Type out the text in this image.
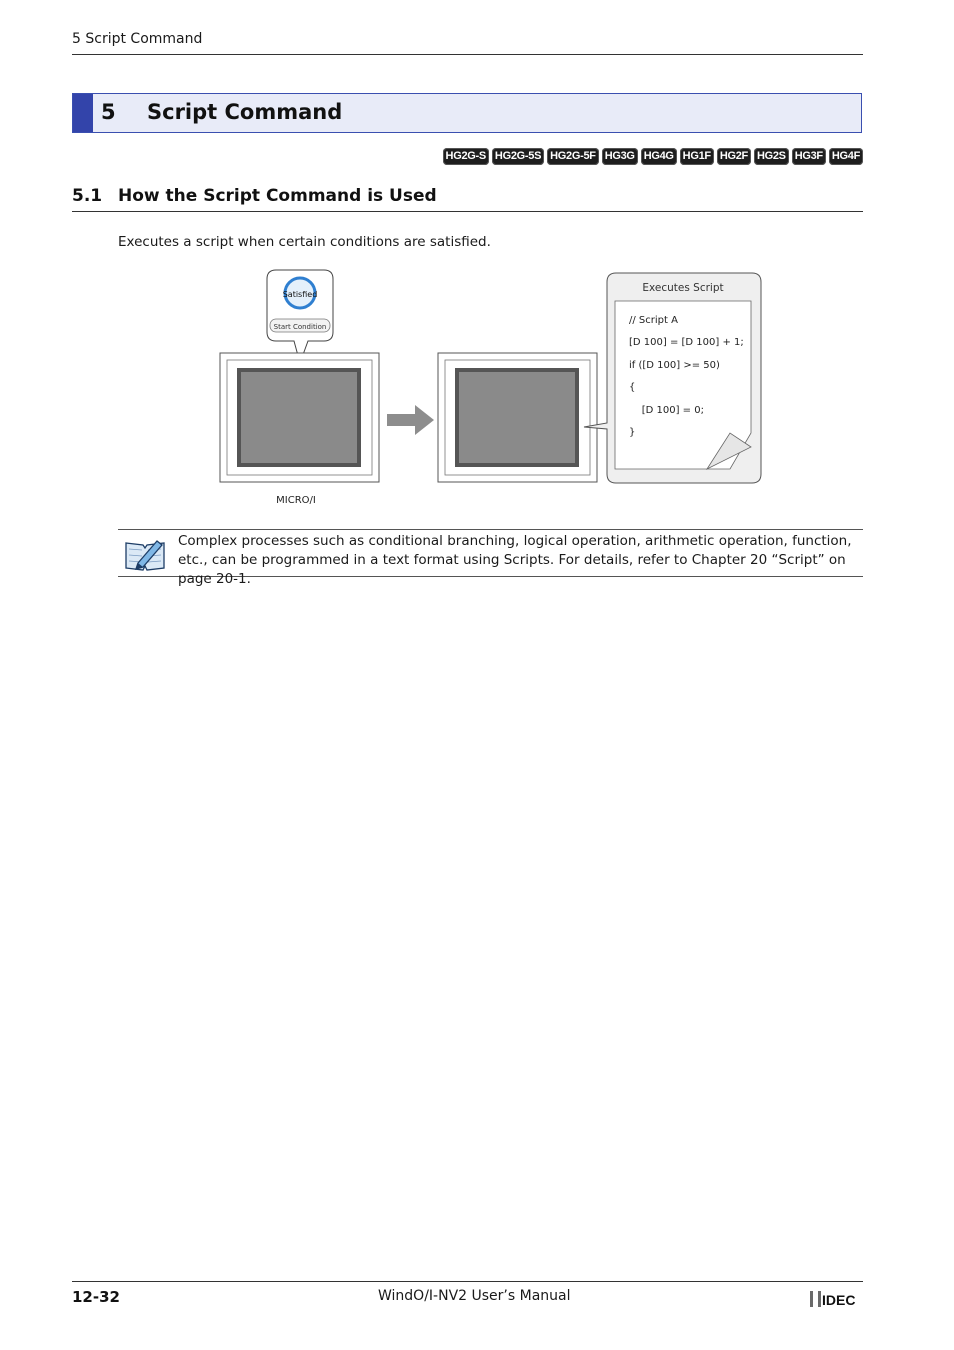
5 Script Command
5 Script Command
HG2G-S HG2G-5S HG2G-5F HG3G HG4G HG1F HG2F HG2S HG3F HG4F
5.1 How the Script Command is Used
Executes a script when certain conditions are satisfied.
Satisfied
Start Condition
MICRO/I
Executes Script
// Script A
[D 100] = [D 100] + 1;
if ([D 100] >= 50)
{
[D 100] = 0;
}
Complex processes such as conditional branching, logical operation, arithmetic operation, function, etc., can be programmed in a text format using Scripts. For details, refer to Chapter 20 “Script” on page 20-1.
12-32	WindO/I-NV2 User’s Manual	IDEC
